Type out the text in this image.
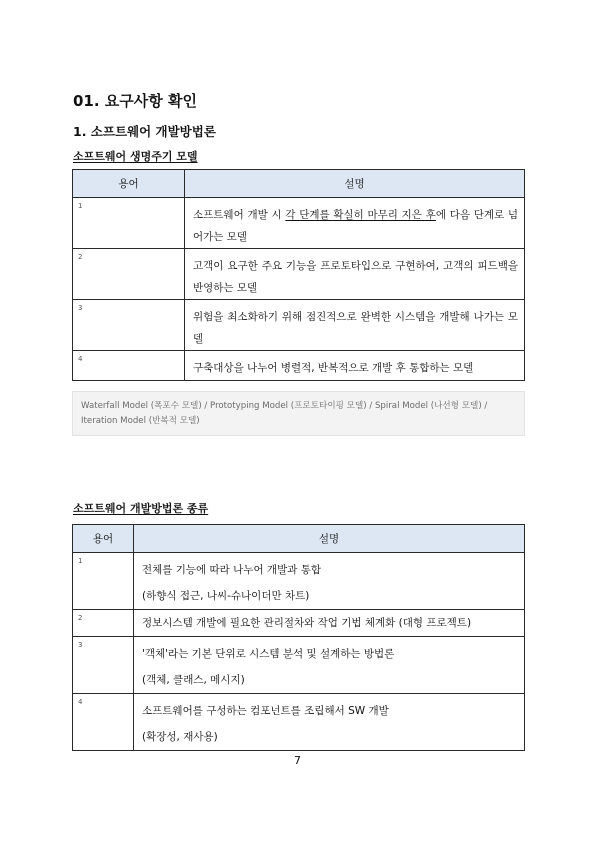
01. 요구사항 확인
1. 소프트웨어 개발방법론
소프트웨어 생명주기 모델
용어	설명
1	소프트웨어 개발 시 각 단계를 확실히 마무리 지은 후에 다음 단계로 넘어가는 모델

2	고객이 요구한 주요 기능을 프로토타입으로 구현하여, 고객의 피드백을 반영하는 모델

3	위험을 최소화하기 위해 점진적으로 완벽한 시스템을 개발해 나가는 모델

4	구축대상을 나누어 병렬적, 반복적으로 개발 후 통합하는 모델
Waterfall Model (폭포수 모델) / Prototyping Model (프로토타이핑 모델) / Spiral Model (나선형 모델) / Iteration Model (반복적 모델)
소프트웨어 개발방법론 종류
용어	설명
1	전체를 기능에 따라 나누어 개발과 통합
(하향식 접근, 나씨-슈나이더만 차트)

2	정보시스템 개발에 필요한 관리절차와 작업 기법 체계화 (대형 프로젝트)

3	'객체'라는 기본 단위로 시스템 분석 및 설계하는 방법론
(객체, 클래스, 메시지)

4	소프트웨어를 구성하는 컴포넌트를 조립해서 SW 개발
(확장성, 재사용)
7
